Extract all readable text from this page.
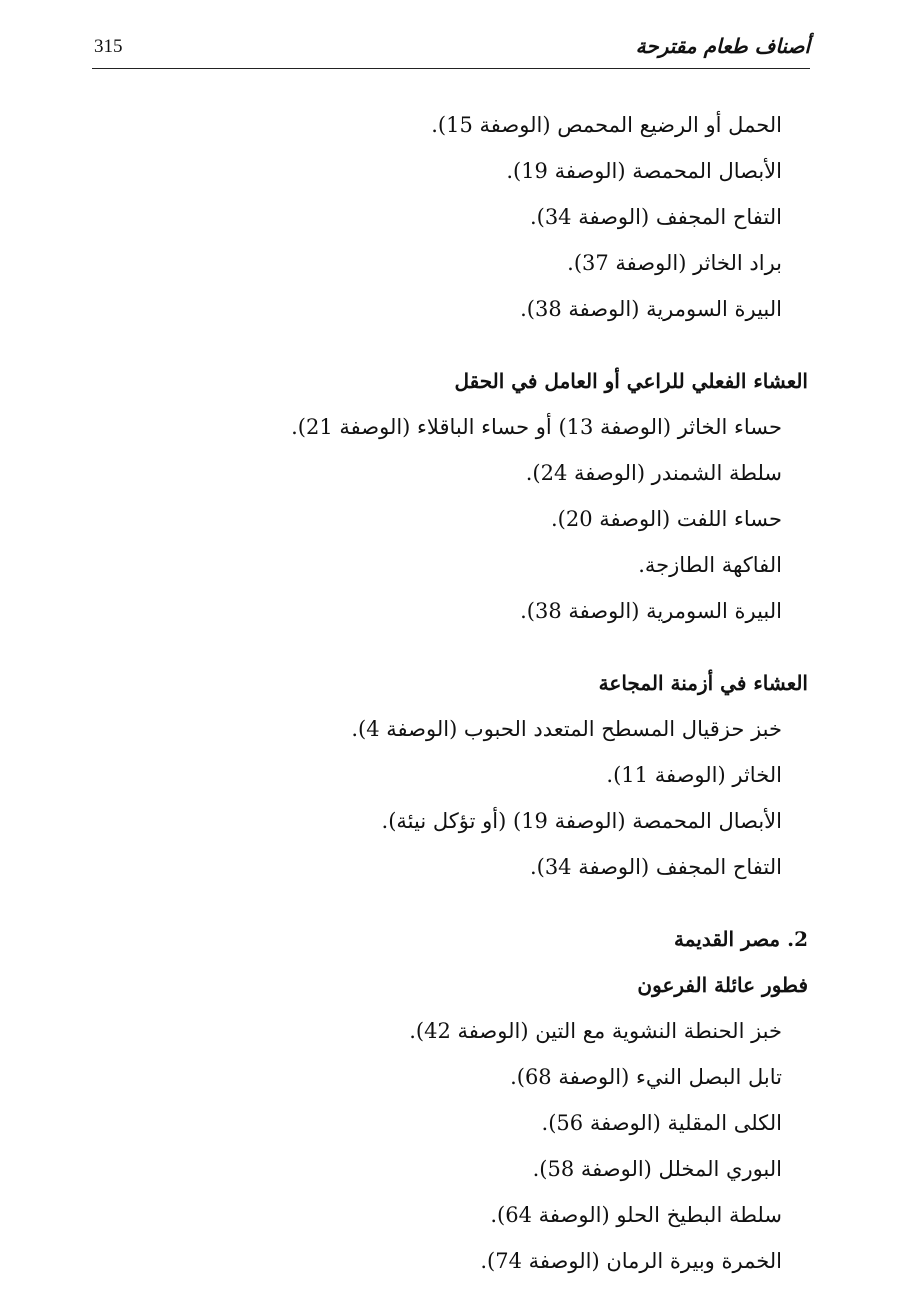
315	أصناف طعام مقترحة
الحمل أو الرضيع المحمص (الوصفة 15).
الأبصال المحمصة (الوصفة 19).
التفاح المجفف (الوصفة 34).
براد الخاثر (الوصفة 37).
البيرة السومرية (الوصفة 38).
العشاء الفعلي للراعي أو العامل في الحقل
حساء الخاثر (الوصفة 13) أو حساء الباقلاء (الوصفة 21).
سلطة الشمندر (الوصفة 24).
حساء اللفت (الوصفة 20).
الفاكهة الطازجة.
البيرة السومرية (الوصفة 38).
العشاء في أزمنة المجاعة
خبز حزقيال المسطح المتعدد الحبوب (الوصفة 4).
الخاثر (الوصفة 11).
الأبصال المحمصة (الوصفة 19) (أو تؤكل نيئة).
التفاح المجفف (الوصفة 34).
2. مصر القديمة
فطور عائلة الفرعون
خبز الحنطة النشوية مع التين (الوصفة 42).
تابل البصل النيء (الوصفة 68).
الكلى المقلية (الوصفة 56).
البوري المخلل (الوصفة 58).
سلطة البطيخ الحلو (الوصفة 64).
الخمرة وبيرة الرمان (الوصفة 74).
